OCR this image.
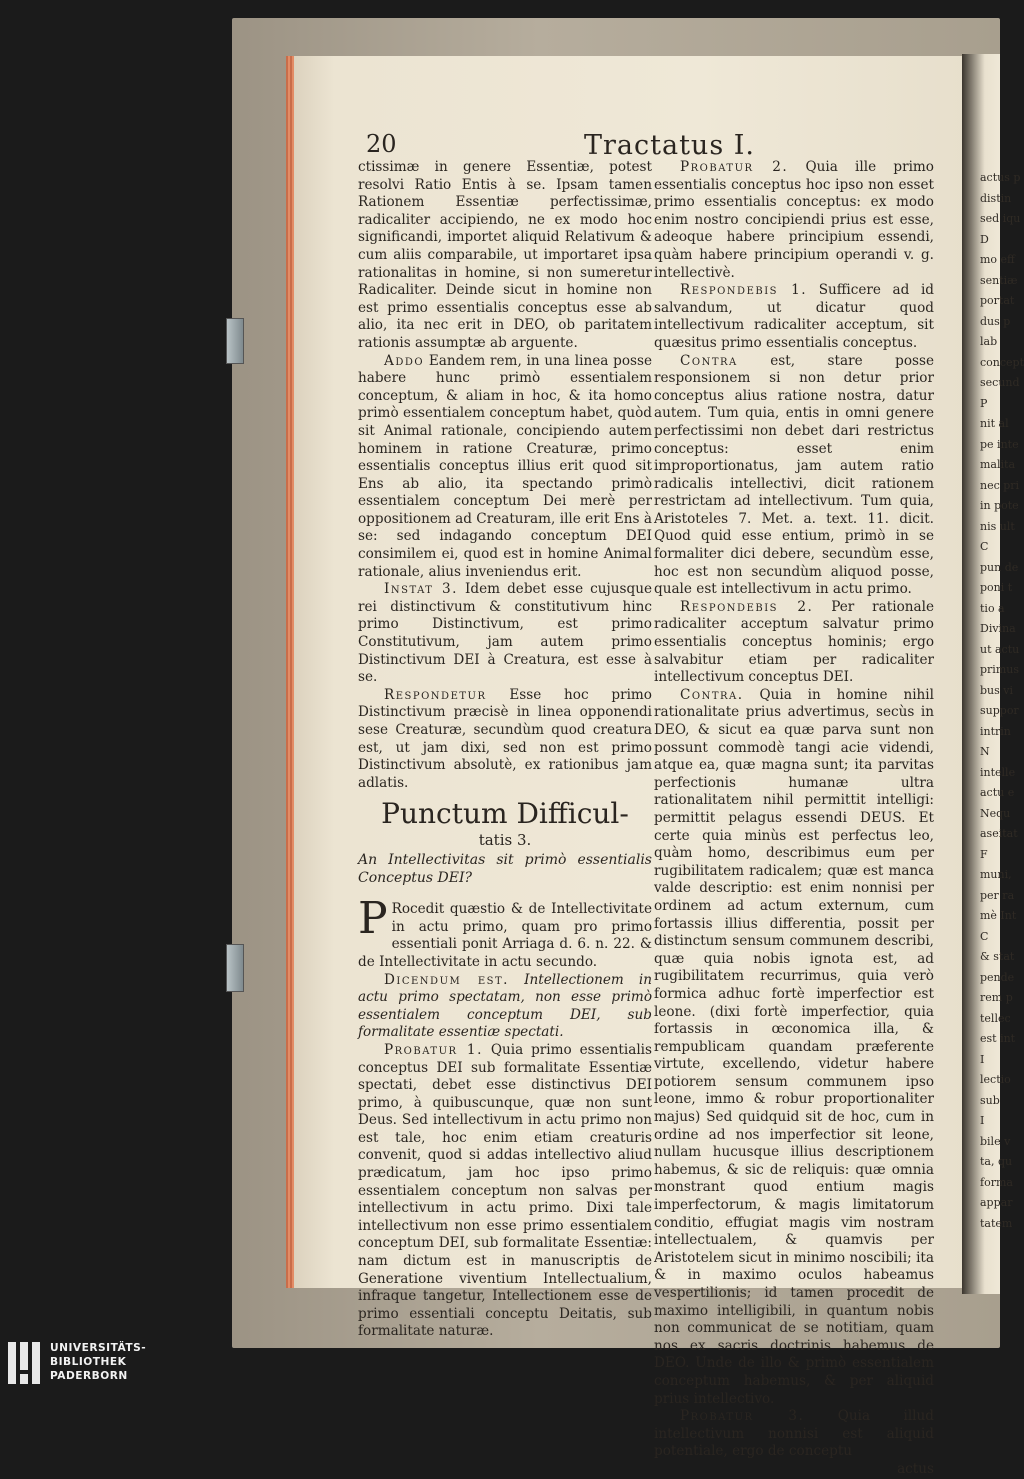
20	Tractatus I.

ctissimæ in genere Essentiæ, potest resolvi Ratio Entis à se. Ipsam tamen Rationem Essentiæ perfectissimæ, radicaliter accipiendo, ne ex modo hoc significandi, importet aliquid Relativum & cum aliis comparabile, ut importaret ipsa rationalitas in homine, si non sumeretur Radicaliter. Deinde sicut in homine non est primo essentialis conceptus esse ab alio, ita nec erit in DEO, ob paritatem rationis assumptæ ab arguente.

Addo Eandem rem, in una linea posse habere hunc primò essentialem conceptum, & aliam in hoc, & ita homo primò essentialem conceptum habet, quòd sit Animal rationale, concipiendo autem hominem in ratione Creaturæ, primo essentialis conceptus illius erit quod sit Ens ab alio, ita spectando primò essentialem conceptum Dei merè per oppositionem ad Creaturam, ille erit Ens à se: sed indagando conceptum DEI consimilem ei, quod est in homine Animal rationale, alius inveniendus erit.

Instat 3. Idem debet esse cujusque rei distinctivum & constitutivum hinc primo Distinctivum, est primo Constitutivum, jam autem primo Distinctivum DEI à Creatura, est esse à se.

Respondetur Esse hoc primo Distinctivum præcisè in linea opponendi sese Creaturæ, secundùm quod creatura est, ut jam dixi, sed non est primo Distinctivum absolutè, ex rationibus jam adlatis.

Punctum Difficul-
tatis 3.
An Intellectivitas sit primò essentialis Conceptus DEI?

P Rocedit quæstio & de Intellectivitate in actu primo, quam pro primo essentiali ponit Arriaga d. 6. n. 22. & de Intellectivitate in actu secundo.

Dicendum est. Intellectionem in actu primo spectatam, non esse primò essentialem conceptum DEI, sub formalitate essentiæ spectati.

Probatur 1. Quia primo essentialis conceptus DEI sub formalitate Essentiæ spectati, debet esse distinctivus DEI primo, à quibuscunque, quæ non sunt Deus. Sed intellectivum in actu primo non est tale, hoc enim etiam creaturis convenit, quod si addas intellectivo aliud prædicatum, jam hoc ipso primo essentialem conceptum non salvas per intellectivum in actu primo. Dixi tale intellectivum non esse primo essentialem conceptum DEI, sub formalitate Essentiæ: nam dictum est in manuscriptis de Generatione viventium Intellectualium, infraque tangetur, Intellectionem esse de primo essentiali conceptu Deitatis, sub formalitate naturæ.

Probatur 2. Quia ille primo essentialis conceptus hoc ipso non esset primo essentialis conceptus: ex modo enim nostro concipiendi prius est esse, adeoque habere principium essendi, quàm habere principium operandi v. g. intellectivè.

Respondebis 1. Sufficere ad id salvandum, ut dicatur quod intellectivum radicaliter acceptum, sit quæsitus primo essentialis conceptus.

Contra est, stare posse responsionem si non detur prior conceptus alius ratione nostra, datur autem. Tum quia, entis in omni genere perfectissimi non debet dari restrictus conceptus: esset enim improportionatus, jam autem ratio radicalis intellectivi, dicit rationem restrictam ad intellectivum. Tum quia, Aristoteles 7. Met. a. text. 11. dicit. Quod quid esse entium, primò in se formaliter dici debere, secundùm esse, hoc est non secundùm aliquod posse, quale est intellectivum in actu primo.

Respondebis 2. Per rationale radicaliter acceptum salvatur primo essentialis conceptus hominis; ergo salvabitur etiam per radicaliter intellectivum conceptus DEI.

Contra. Quia in homine nihil rationalitate prius advertimus, secùs in DEO, & sicut ea quæ parva sunt non possunt commodè tangi acie videndi, atque ea, quæ magna sunt; ita parvitas perfectionis humanæ ultra rationalitatem nihil permittit intelligi: permittit pelagus essendi DEUS. Et certe quia minùs est perfectus leo, quàm homo, describimus eum per rugibilitatem radicalem; quæ est manca valde descriptio: est enim nonnisi per ordinem ad actum externum, cum fortassis illius differentia, possit per distinctum sensum communem describi, quæ quia nobis ignota est, ad rugibilitatem recurrimus, quia verò formica adhuc fortè imperfectior est leone. (dixi fortè imperfectior, quia fortassis in œconomica illa, & rempublicam quandam præferente virtute, excellendo, videtur habere potiorem sensum communem ipso leone, immo & robur proportionaliter majus) Sed quidquid sit de hoc, cum in ordine ad nos imperfectior sit leone, nullam hucusque illius descriptionem habemus, & sic de reliquis: quæ omnia monstrant quod entium magis imperfectorum, & magis limitatorum conditio, effugiat magis vim nostram intellectualem, & quamvis per Aristotelem sicut in minimo noscibili; ita & in maximo oculos habeamus vespertilionis; id tamen procedit de maximo intelligibili, in quantum nobis non communicat de se notitiam, quam nos ex sacris doctrinis habemus de DEO. Unde de illo & primò essentialem conceptum habemus, & per aliquid prius intellectivo.

Probatur 3. Quia illud intellectivum nonnisi est aliquid potentiale, ergo de conceptu

actus
actus p
distin
sed iqu
D
mo eff
sentiæ
portat
dus p
lab
concept
secund
P
nit al
pe inte
malita
nec pri
in pote
nis ult
C
pun de
poni t
tio a
Divina
ut actu
primus
bus vi
suppor
intrin
N
intelle
actu e
Nequ
aseitat
F
muni,
per ra
mè Int
C
& stat
pende
rem p
tellec
est int
I
lectio
sub
I
bile v
ta, qu
forma
appar
tatem
UNIVERSITÄTS-
BIBLIOTHEK
PADERBORN
